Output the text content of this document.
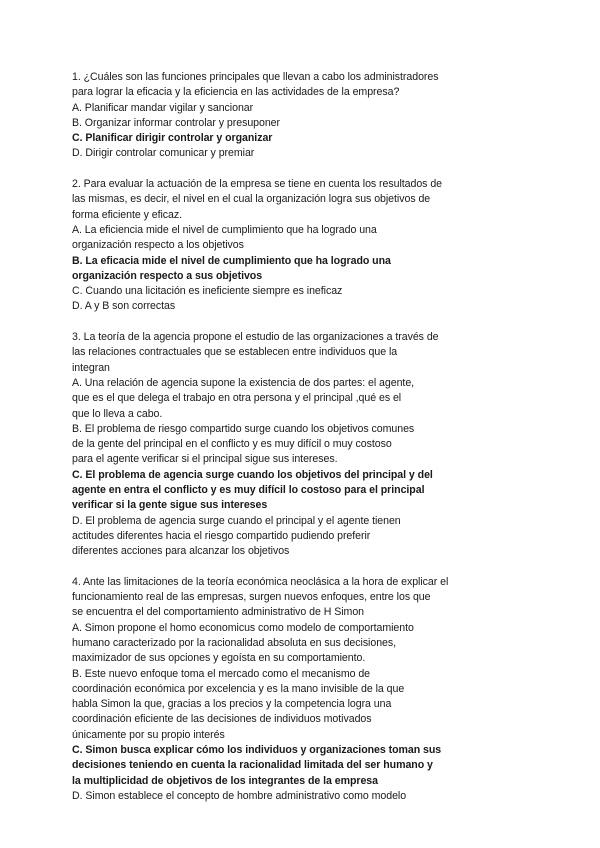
1. ¿Cuáles son las funciones principales que llevan a cabo los administradores
para lograr la eficacia y la eficiencia en las actividades de la empresa?
A. Planificar mandar vigilar y sancionar
B. Organizar informar controlar y presuponer
C. Planificar dirigir controlar y organizar
D. Dirigir controlar comunicar y premiar
2. Para evaluar la actuación de la empresa se tiene en cuenta los resultados de
las mismas, es decir, el nivel en el cual la organización logra sus objetivos de
forma eficiente y eficaz.
A. La eficiencia mide el nivel de cumplimiento que ha logrado una
organización respecto a los objetivos
B. La eficacia mide el nivel de cumplimiento que ha logrado una
organización respecto a sus objetivos
C. Cuando una licitación es ineficiente siempre es ineficaz
D. A y B son correctas
3. La teoría de la agencia propone el estudio de las organizaciones a través de
las relaciones contractuales que se establecen entre individuos que la
integran
A. Una relación de agencia supone la existencia de dos partes: el agente,
que es el que delega el trabajo en otra persona y el principal ,qué es el
que lo lleva a cabo.
B. El problema de riesgo compartido surge cuando los objetivos comunes
de la gente del principal en el conflicto y es muy difícil o muy costoso
para el agente verificar si el principal sigue sus intereses.
C. El problema de agencia surge cuando los objetivos del principal y del
agente en entra el conflicto y es muy difícil lo costoso para el principal
verificar si la gente sigue sus intereses
D. El problema de agencia surge cuando el principal y el agente tienen
actitudes diferentes hacia el riesgo compartido pudiendo preferir
diferentes acciones para alcanzar los objetivos
4. Ante las limitaciones de la teoría económica neoclásica a la hora de explicar el
funcionamiento real de las empresas, surgen nuevos enfoques, entre los que
se encuentra el del comportamiento administrativo de H Simon
A. Simon propone el homo economicus como modelo de comportamiento
humano caracterizado por la racionalidad absoluta en sus decisiones,
maximizador de sus opciones y egoísta en su comportamiento.
B. Este nuevo enfoque toma el mercado como el mecanismo de
coordinación económica por excelencia y es la mano invisible de la que
habla Simon la que, gracias a los precios y la competencia logra una
coordinación eficiente de las decisiones de individuos motivados
únicamente por su propio interés
C. Simon busca explicar cómo los individuos y organizaciones toman sus
decisiones teniendo en cuenta la racionalidad limitada del ser humano y
la multiplicidad de objetivos de los integrantes de la empresa
D. Simon establece el concepto de hombre administrativo como modelo
